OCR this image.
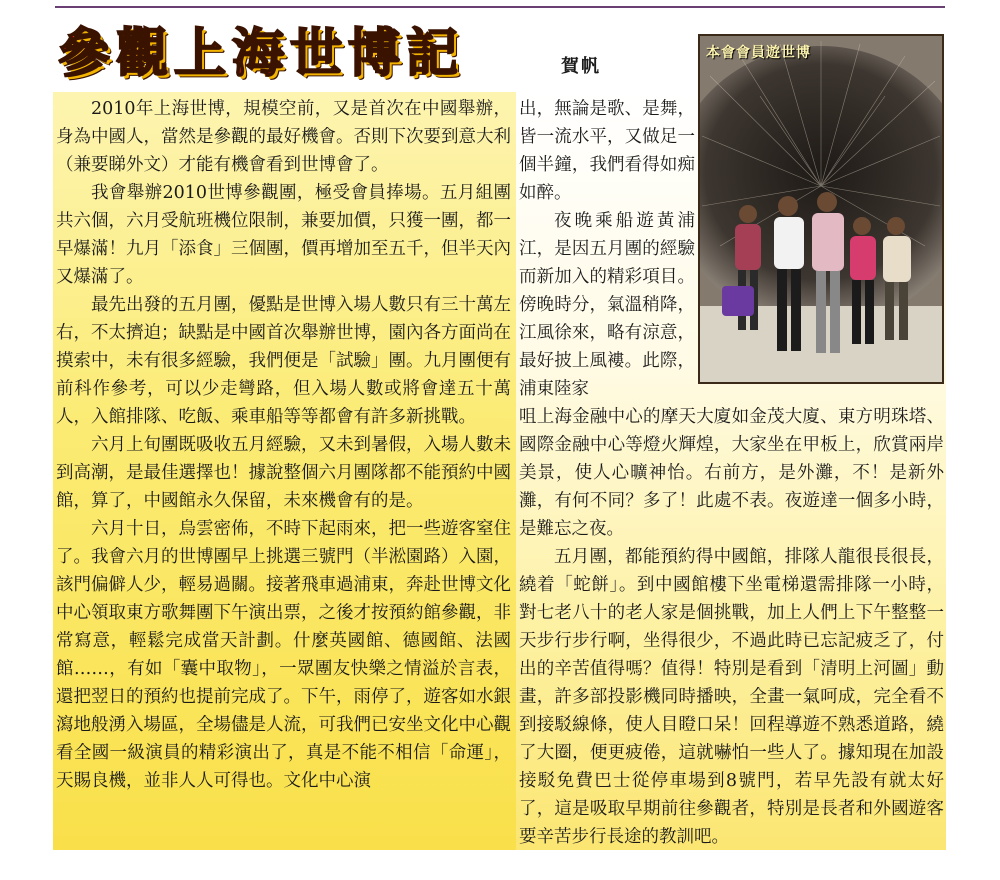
參觀上海世博記	賀帆

2010年上海世博，規模空前，又是首次在中國舉辦，身為中國人，當然是參觀的最好機會。否則下次要到意大利（兼要睇外文）才能有機會看到世博會了。

我會舉辦2010世博參觀團，極受會員捧場。五月組團共六個，六月受航班機位限制，兼要加價，只獲一團，都一早爆滿！九月「添食」三個團，價再增加至五千，但半天內又爆滿了。

最先出發的五月團，優點是世博入場人數只有三十萬左右，不太擠迫；缺點是中國首次舉辦世博，園內各方面尚在摸索中，未有很多經驗，我們便是「試驗」團。九月團便有前科作參考，可以少走彎路，但入場人數或將會達五十萬人，入館排隊、吃飯、乘車船等等都會有許多新挑戰。

六月上旬團既吸收五月經驗，又未到暑假，入場人數未到高潮，是最佳選擇也！據說整個六月團隊都不能預約中國館，算了，中國館永久保留，未來機會有的是。

六月十日，烏雲密佈，不時下起雨來，把一些遊客窒住了。我會六月的世博團早上挑選三號門（半淞園路）入園，該門偏僻人少，輕易過關。接著飛車過浦東，奔赴世博文化中心領取東方歌舞團下午演出票，之後才按預約館參觀，非常寫意，輕鬆完成當天計劃。什麼英國館、德國館、法國館……，有如「囊中取物」，一眾團友快樂之情溢於言表，還把翌日的預約也提前完成了。下午，雨停了，遊客如水銀瀉地般湧入場區，全場儘是人流，可我們已安坐文化中心觀看全國一級演員的精彩演出了，真是不能不相信「命運」，天賜良機，並非人人可得也。文化中心演

出，無論是歌、是舞，皆一流水平，又做足一個半鐘，我們看得如痴如醉。

夜晚乘船遊黃浦江，是因五月團的經驗而新加入的精彩項目。傍晚時分，氣溫稍降，江風徐來，略有涼意，最好披上風褸。此際，浦東陸家

咀上海金融中心的摩天大廈如金茂大廈、東方明珠塔、國際金融中心等燈火輝煌，大家坐在甲板上，欣賞兩岸美景，使人心曠神怡。右前方，是外灘，不！是新外灘，有何不同？多了！此處不表。夜遊達一個多小時，是難忘之夜。

五月團，都能預約得中國館，排隊人龍很長很長，繞着「蛇餅」。到中國館樓下坐電梯還需排隊一小時，對七老八十的老人家是個挑戰，加上人們上下午整整一天步行步行啊，坐得很少，不過此時已忘記疲乏了，付出的辛苦值得嗎？值得！特別是看到「清明上河圖」動畫，許多部投影機同時播映，全畫一氣呵成，完全看不到接駁線條，使人目瞪口呆！回程導遊不熟悉道路，繞了大圈，便更疲倦，這就嚇怕一些人了。據知現在加設接駁免費巴士從停車場到8號門，若早先設有就太好了，這是吸取早期前往參觀者，特別是長者和外國遊客要辛苦步行長途的教訓吧。

本會會員遊世博
